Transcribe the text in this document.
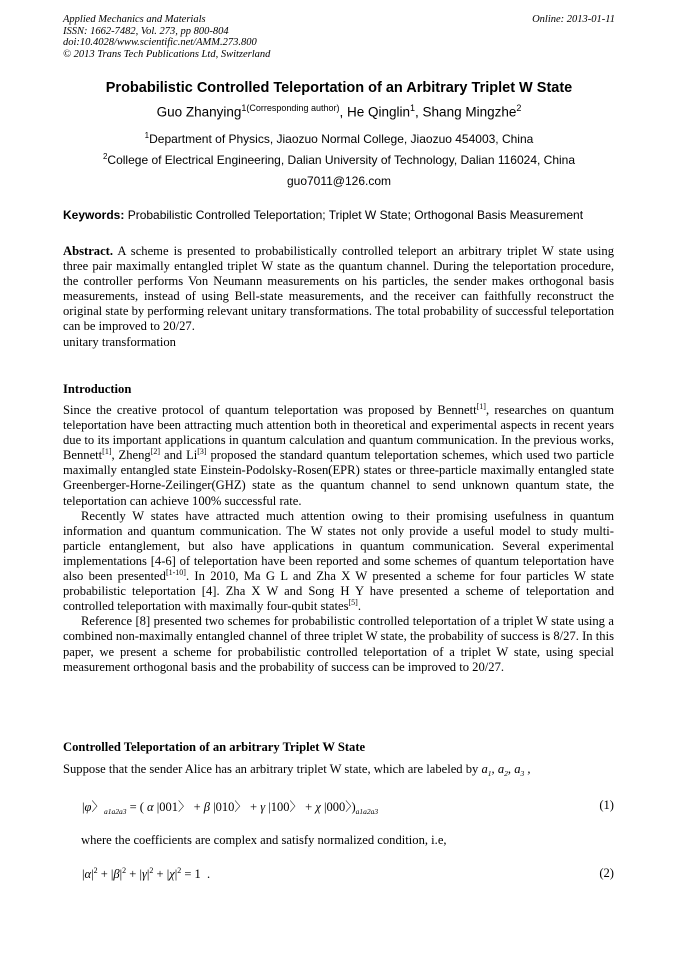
Applied Mechanics and Materials
ISSN: 1662-7482, Vol. 273, pp 800-804
doi:10.4028/www.scientific.net/AMM.273.800
© 2013 Trans Tech Publications Ltd, Switzerland
Online: 2013-01-11
Probabilistic Controlled Teleportation of an Arbitrary Triplet W State
Guo Zhanying$^{1(Corresponding author)}$, He Qinglin$^1$, Shang Mingzhe$^2$
$^1$Department of Physics, Jiaozuo Normal College, Jiaozuo 454003, China
$^2$College of Electrical Engineering, Dalian University of Technology, Dalian 116024, China
guo7011@126.com
Keywords: Probabilistic Controlled Teleportation; Triplet W State; Orthogonal Basis Measurement

Abstract. A scheme is presented to probabilistically controlled teleport an arbitrary triplet W state using three pair maximally entangled triplet W state as the quantum channel. During the teleportation procedure, the controller performs Von Neumann measurements on his particles, the sender makes orthogonal basis measurements, instead of using Bell-state measurements, and the receiver can faithfully reconstruct the original state by performing relevant unitary transformations. The total probability of successful teleportation can be improved to 20/27.

unitary transformation

Introduction

Since the creative protocol of quantum teleportation was proposed by Bennett[1], researches on quantum teleportation have been attracting much attention both in theoretical and experimental aspects in recent years due to its important applications in quantum calculation and quantum communication. In the previous works, Bennett[1], Zheng[2] and Li[3] proposed the standard quantum teleportation schemes, which used two particle maximally entangled state Einstein-Podolsky-Rosen(EPR) states or three-particle maximally entangled state Greenberger-Horne-Zeilinger(GHZ) state as the quantum channel to send unknown quantum state, the teleportation can achieve 100% successful rate.

Recently W states have attracted much attention owing to their promising usefulness in quantum information and quantum communication. The W states not only provide a useful model to study multi-particle entanglement, but also have applications in quantum communication. Several experimental implementations [4-6] of teleportation have been reported and some schemes of quantum teleportation have also been presented[1-10]. In 2010, Ma G L and Zha X W presented a scheme for four particles W state probabilistic teleportation [4]. Zha X W and Song H Y have presented a scheme of teleportation and controlled teleportation with maximally four-qubit states[5].

Reference [8] presented two schemes for probabilistic controlled teleportation of a triplet W state using a combined non-maximally entangled channel of three triplet W state, the probability of success is 8/27. In this paper, we present a scheme for probabilistic controlled teleportation of a triplet W state, using special measurement orthogonal basis and the probability of success can be improved to 20/27.

Controlled Teleportation of an arbitrary Triplet W State
Suppose that the sender Alice has an arbitrary triplet W state, which are labeled by $a_1$, $a_2$, $a_3$ ,
|φ〉$_{a1a2a3}$ = ( α |001〉 + β |010〉 + γ |100〉 + χ |000〉)$_{a1a2a3}$	(1)
where the coefficients are complex and satisfy normalized condition, i.e,
$|\alpha|^2 + |\beta|^2 + |\gamma|^2 + |\chi|^2 = 1$  .	(2)
